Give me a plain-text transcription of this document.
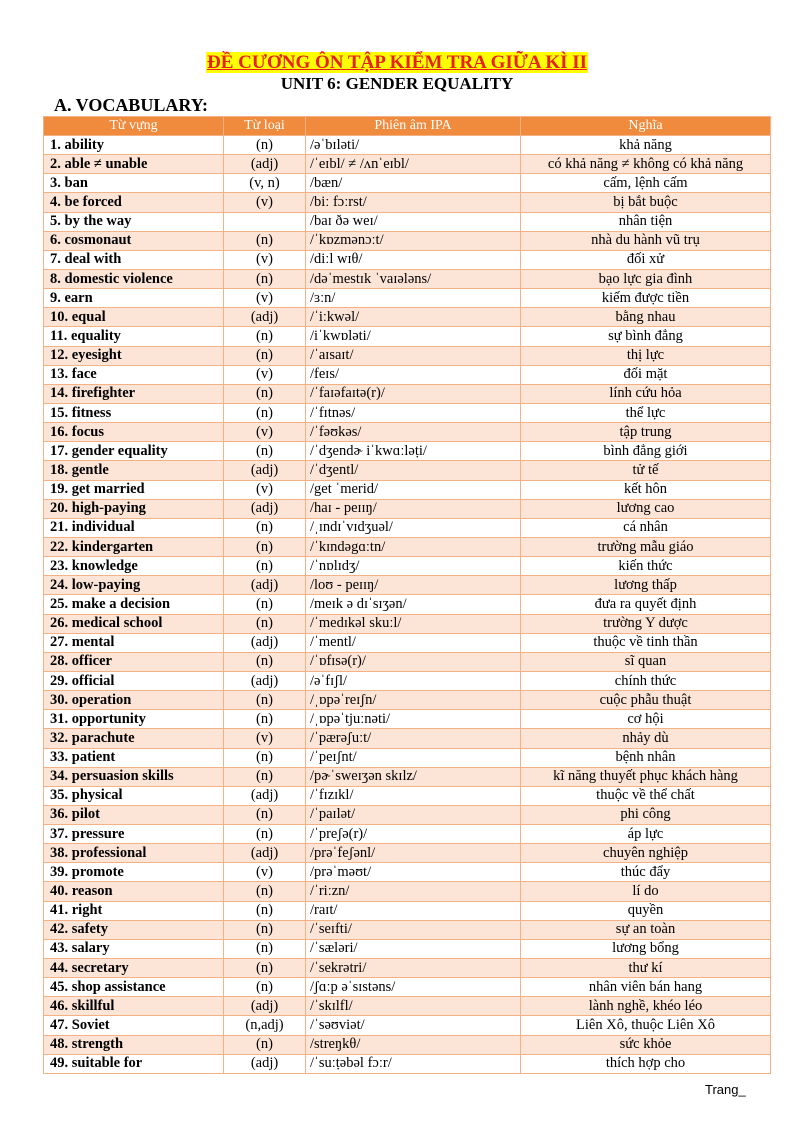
ĐỀ CƯƠNG ÔN TẬP KIỂM TRA GIỮA KÌ II
UNIT 6: GENDER EQUALITY
A. VOCABULARY:
Từ vựng	Từ loại	Phiên âm IPA	Nghĩa
1. ability	(n)	/əˈbɪləti/	khả năng
2. able ≠ unable	(adj)	/ˈeɪbl/ ≠ /ʌnˈeɪbl/	có khả năng ≠ không có khả năng
3. ban	(v, n)	/bæn/	cấm, lệnh cấm
4. be forced	(v)	/biː fɔːrst/	bị bắt buộc
5. by the way		/baɪ ðə weɪ/	nhân tiện
6. cosmonaut	(n)	/ˈkɒzmənɔːt/	nhà du hành vũ trụ
7. deal with	(v)	/diːl wɪθ/	đối xử
8. domestic violence	(n)	/dəˈmestɪk ˈvaɪələns/	bạo lực gia đình
9. earn	(v)	/ɜːn/	kiếm được tiền
10. equal	(adj)	/ˈiːkwəl/	bằng nhau
11. equality	(n)	/iˈkwɒləti/	sự bình đẳng
12. eyesight	(n)	/ˈaɪsaɪt/	thị lực
13. face	(v)	/feɪs/	đối mặt
14. firefighter	(n)	/ˈfaɪəfaɪtə(r)/	lính cứu hỏa
15. fitness	(n)	/ˈfɪtnəs/	thể lực
16. focus	(v)	/ˈfəʊkəs/	tập trung
17. gender equality	(n)	/ˈdʒendɚ iˈkwɑːləṭi/	bình đẳng giới
18. gentle	(adj)	/ˈdʒentl/	tử tế
19. get married	(v)	/get ˈmerid/	kết hôn
20. high-paying	(adj)	/haɪ - peɪɪŋ/	lương cao
21. individual	(n)	/ˌɪndɪˈvɪdʒuəl/	cá nhân
22. kindergarten	(n)	/ˈkɪndəgɑːtn/	trường mẫu giáo
23. knowledge	(n)	/ˈnɒlɪdʒ/	kiến thức
24. low-paying	(adj)	/loʊ - peɪɪŋ/	lương thấp
25. make a decision	(n)	/meɪk ə dɪˈsɪʒən/	đưa ra quyết định
26. medical school	(n)	/ˈmedɪkəl skuːl/	trường Y dược
27. mental	(adj)	/ˈmentl/	thuộc về tinh thần
28. officer	(n)	/ˈɒfɪsə(r)/	sĩ quan
29. official	(adj)	/əˈfɪʃl/	chính thức
30. operation	(n)	/ˌɒpəˈreɪʃn/	cuộc phẫu thuật
31. opportunity	(n)	/ˌɒpəˈtjuːnəti/	cơ hội
32. parachute	(v)	/ˈpærəʃuːt/	nhảy dù
33. patient	(n)	/ˈpeɪʃnt/	bệnh nhân
34. persuasion skills	(n)	/pɚˈsweɪʒən skɪlz/	kĩ năng thuyết phục khách hàng
35. physical	(adj)	/ˈfɪzɪkl/	thuộc về thể chất
36. pilot	(n)	/ˈpaɪlət/	phi công
37. pressure	(n)	/ˈpreʃə(r)/	áp lực
38. professional	(adj)	/prəˈfeʃənl/	chuyên nghiệp
39. promote	(v)	/prəˈməʊt/	thúc đẩy
40. reason	(n)	/ˈriːzn/	lí do
41. right	(n)	/raɪt/	quyền
42. safety	(n)	/ˈseɪfti/	sự an toàn
43. salary	(n)	/ˈsæləri/	lương bổng
44. secretary	(n)	/ˈsekrətri/	thư kí
45. shop assistance	(n)	/ʃɑːp əˈsɪstəns/	nhân viên bán hang
46. skillful	(adj)	/ˈskɪlfl/	lành nghề, khéo léo
47. Soviet	(n,adj)	/ˈsəʊviət/	Liên Xô, thuộc Liên Xô
48. strength	(n)	/streŋkθ/	sức khỏe
49. suitable for	(adj)	/ˈsuːṭəbəl fɔːr/	thích hợp cho
Trang_
